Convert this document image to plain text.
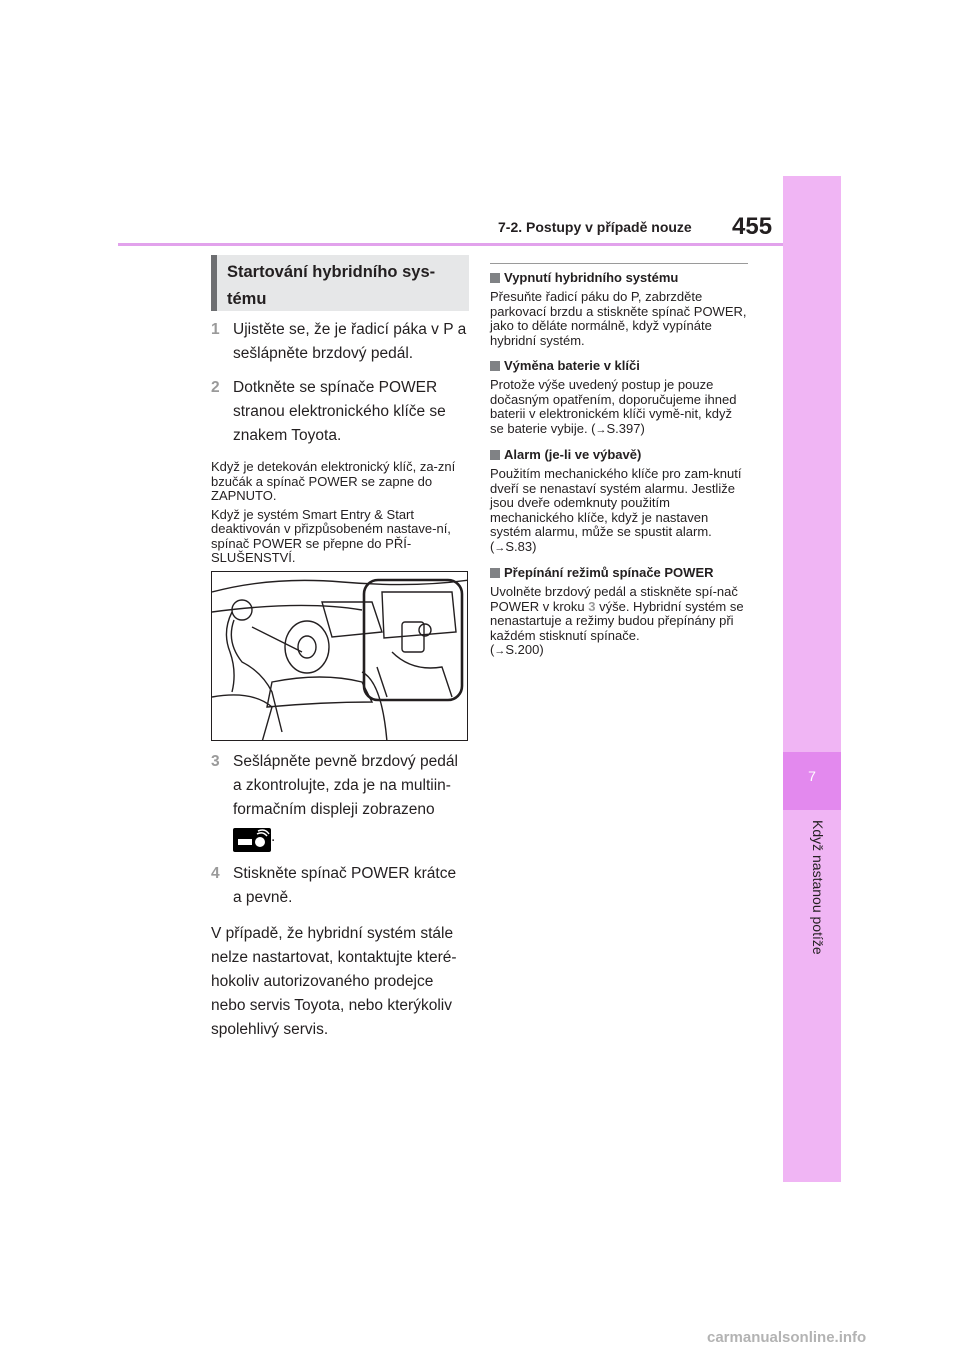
7
Když nastanou potíže
7-2. Postupy v případě nouze 455
Startování hybridního sys-
tému
1 Ujistěte se, že je řadicí páka v P a sešlápněte brzdový pedál.
2 Dotkněte se spínače POWER stranou elektronického klíče se znakem Toyota.

Když je detekován elektronický klíč, za-zní bzučák a spínač POWER se zapne do ZAPNUTO.

Když je systém Smart Entry & Start deaktivován v přizpůsobeném nastave-ní, spínač POWER se přepne do PŘÍ-SLUŠENSTVÍ.

3 Sešlápněte pevně brzdový pedál a zkontrolujte, zda je na multiin-formačním displeji zobrazeno
.
4 Stiskněte spínač POWER krátce a pevně.

V případě, že hybridní systém stále nelze nastartovat, kontaktujte které-hokoliv autorizovaného prodejce nebo servis Toyota, nebo kterýkoliv spolehlivý servis.

Vypnutí hybridního systému

Přesuňte řadicí páku do P, zabrzděte parkovací brzdu a stiskněte spínač POWER, jako to děláte normálně, když vypínáte hybridní systém.

Výměna baterie v klíči

Protože výše uvedený postup je pouze dočasným opatřením, doporučujeme ihned baterii v elektronickém klíči vymě-nit, když se baterie vybije. (→S.397)

Alarm (je-li ve výbavě)

Použitím mechanického klíče pro zam-knutí dveří se nenastaví systém alarmu. Jestliže jsou dveře odemknuty použitím mechanického klíče, když je nastaven systém alarmu, může se spustit alarm.
(→S.83)

Přepínání režimů spínače POWER

Uvolněte brzdový pedál a stiskněte spí-nač POWER v kroku 3 výše. Hybridní systém se nenastartuje a režimy budou přepínány při každém stisknutí spínače.
(→S.200)

carmanualsonline.info
